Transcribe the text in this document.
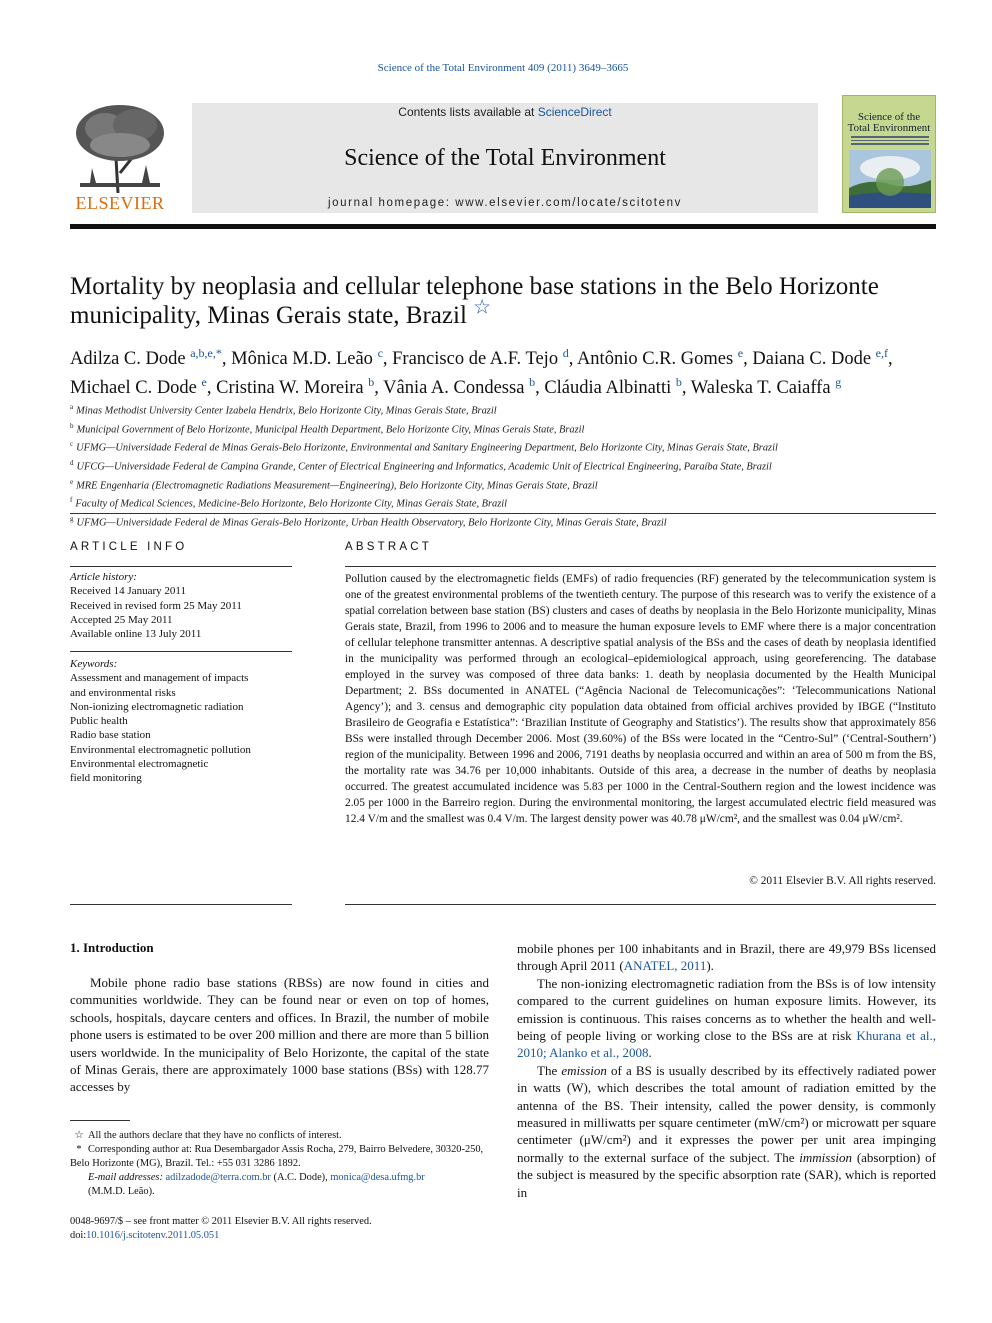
Science of the Total Environment 409 (2011) 3649–3665
ELSEVIER
Contents lists available at ScienceDirect
Science of the Total Environment
journal homepage: www.elsevier.com/locate/scitotenv
Science of the
Total Environment
Mortality by neoplasia and cellular telephone base stations in the Belo Horizonte
municipality, Minas Gerais state, Brazil ☆
Adilza C. Dode $^{a,b,e,*}$, Mônica M.D. Leão $^c$, Francisco de A.F. Tejo $^d$, Antônio C.R. Gomes $^e$, Daiana C. Dode $^{e,f}$,
Michael C. Dode $^e$, Cristina W. Moreira $^b$, Vânia A. Condessa $^b$, Cláudia Albinatti $^b$, Waleska T. Caiaffa $^g$
$^a$ Minas Methodist University Center Izabela Hendrix, Belo Horizonte City, Minas Gerais State, Brazil
$^b$ Municipal Government of Belo Horizonte, Municipal Health Department, Belo Horizonte City, Minas Gerais State, Brazil
$^c$ UFMG—Universidade Federal de Minas Gerais-Belo Horizonte, Environmental and Sanitary Engineering Department, Belo Horizonte City, Minas Gerais State, Brazil
$^d$ UFCG—Universidade Federal de Campina Grande, Center of Electrical Engineering and Informatics, Academic Unit of Electrical Engineering, Paraíba State, Brazil
$^e$ MRE Engenharia (Electromagnetic Radiations Measurement—Engineering), Belo Horizonte City, Minas Gerais State, Brazil
$^f$ Faculty of Medical Sciences, Medicine-Belo Horizonte, Belo Horizonte City, Minas Gerais State, Brazil
$^g$ UFMG—Universidade Federal de Minas Gerais-Belo Horizonte, Urban Health Observatory, Belo Horizonte City, Minas Gerais State, Brazil
ARTICLE INFO
Article history:
Received 14 January 2011
Received in revised form 25 May 2011
Accepted 25 May 2011
Available online 13 July 2011
Keywords:
Assessment and management of impacts
and environmental risks
Non-ionizing electromagnetic radiation
Public health
Radio base station
Environmental electromagnetic pollution
Environmental electromagnetic
field monitoring
ABSTRACT
Pollution caused by the electromagnetic fields (EMFs) of radio frequencies (RF) generated by the telecommunication system is one of the greatest environmental problems of the twentieth century. The purpose of this research was to verify the existence of a spatial correlation between base station (BS) clusters and cases of deaths by neoplasia in the Belo Horizonte municipality, Minas Gerais state, Brazil, from 1996 to 2006 and to measure the human exposure levels to EMF where there is a major concentration of cellular telephone transmitter antennas. A descriptive spatial analysis of the BSs and the cases of death by neoplasia identified in the municipality was performed through an ecological–epidemiological approach, using georeferencing. The database employed in the survey was composed of three data banks: 1. death by neoplasia documented by the Health Municipal Department; 2. BSs documented in ANATEL (“Agência Nacional de Telecomunicações”: ‘Telecommunications National Agency’); and 3. census and demographic city population data obtained from official archives provided by IBGE (“Instituto Brasileiro de Geografia e Estatística”: ‘Brazilian Institute of Geography and Statistics’). The results show that approximately 856 BSs were installed through December 2006. Most (39.60%) of the BSs were located in the “Centro-Sul” (‘Central-Southern’) region of the municipality. Between 1996 and 2006, 7191 deaths by neoplasia occurred and within an area of 500 m from the BS, the mortality rate was 34.76 per 10,000 inhabitants. Outside of this area, a decrease in the number of deaths by neoplasia occurred. The greatest accumulated incidence was 5.83 per 1000 in the Central-Southern region and the lowest incidence was 2.05 per 1000 in the Barreiro region. During the environmental monitoring, the largest accumulated electric field measured was 12.4 V/m and the smallest was 0.4 V/m. The largest density power was 40.78 μW/cm², and the smallest was 0.04 μW/cm².
© 2011 Elsevier B.V. All rights reserved.
1. Introduction

Mobile phone radio base stations (RBSs) are now found in cities and communities worldwide. They can be found near or even on top of homes, schools, hospitals, daycare centers and offices. In Brazil, the number of mobile phone users is estimated to be over 200 million and there are more than 5 billion users worldwide. In the municipality of Belo Horizonte, the capital of the state of Minas Gerais, there are approximately 1000 base stations (BSs) with 128.77 accesses by

mobile phones per 100 inhabitants and in Brazil, there are 49,979 BSs licensed through April 2011 (ANATEL, 2011).

The non-ionizing electromagnetic radiation from the BSs is of low intensity compared to the current guidelines on human exposure limits. However, its emission is continuous. This raises concerns as to whether the health and well-being of people living or working close to the BSs are at risk Khurana et al., 2010; Alanko et al., 2008.

The emission of a BS is usually described by its effectively radiated power in watts (W), which describes the total amount of radiation emitted by the antenna of the BS. Their intensity, called the power density, is commonly measured in milliwatts per square centimeter (mW/cm²) or microwatt per square centimeter (μW/cm²) and it expresses the power per unit area impinging normally to the external surface of the subject. The immission (absorption) of the subject is measured by the specific absorption rate (SAR), which is reported in

☆ All the authors declare that they have no conflicts of interest.
* Corresponding author at: Rua Desembargador Assis Rocha, 279, Bairro Belvedere, 30320-250, Belo Horizonte (MG), Brazil. Tel.: +55 031 3286 1892.
E-mail addresses: adilzadode@terra.com.br (A.C. Dode), monica@desa.ufmg.br
(M.M.D. Leão).
0048-9697/$ – see front matter © 2011 Elsevier B.V. All rights reserved.
doi:10.1016/j.scitotenv.2011.05.051
